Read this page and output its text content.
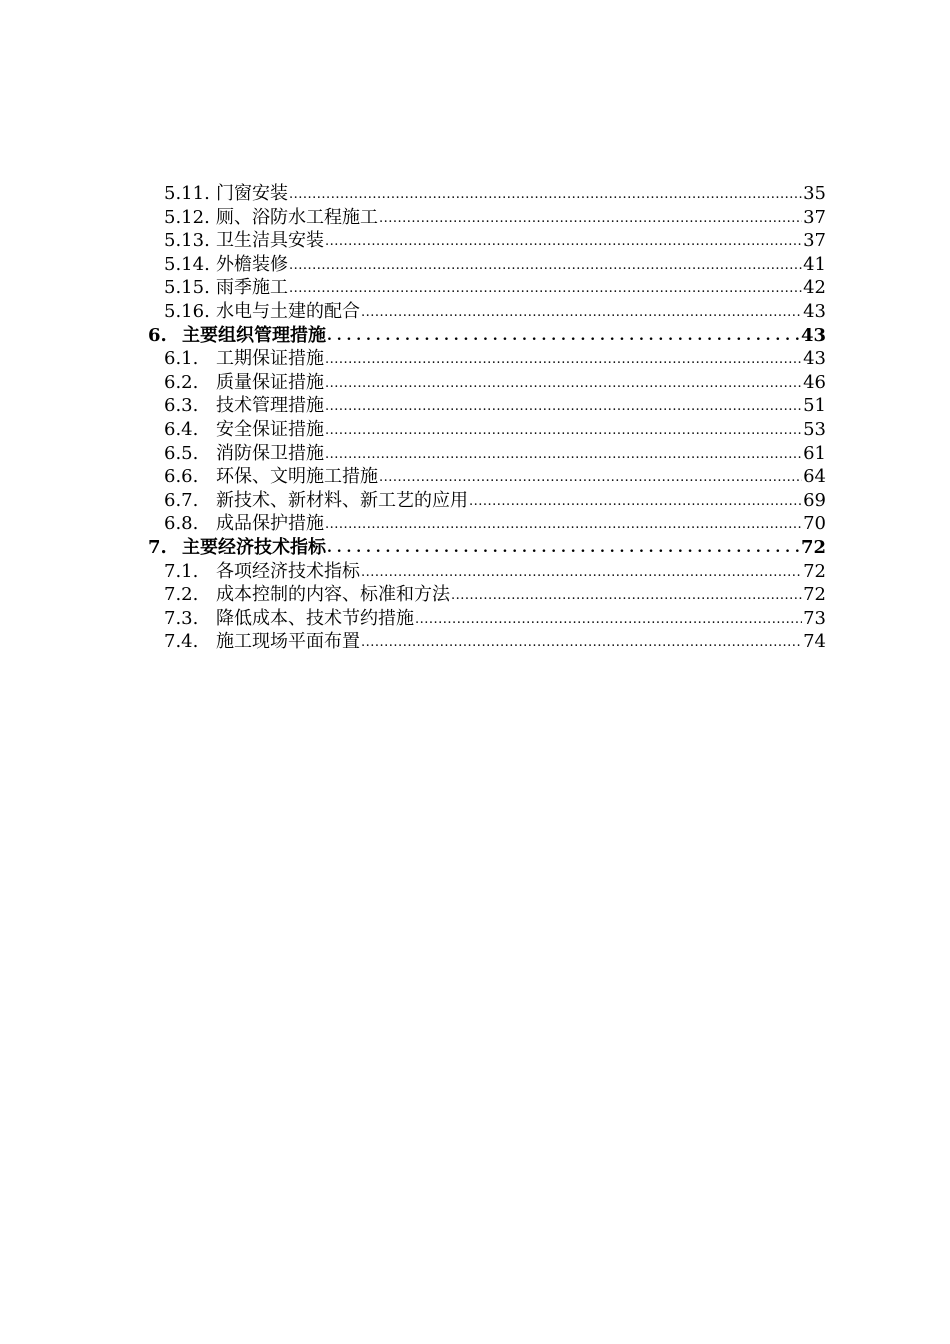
5.11. 门窗安装 .....	35
5.12. 厕、浴防水工程施工 .....	37
5.13. 卫生洁具安装 .....	37
5.14. 外檐装修 .....	41
5.15. 雨季施工 .....	42
5.16. 水电与土建的配合 .....	43
6. 主要组织管理措施 . . .	43
6.1. 工期保证措施 .....	43
6.2. 质量保证措施 .....	46
6.3. 技术管理措施 .....	51
6.4. 安全保证措施 .....	53
6.5. 消防保卫措施 .....	61
6.6. 环保、文明施工措施 .....	64
6.7. 新技术、新材料、新工艺的应用 .....	69
6.8. 成品保护措施 .....	70
7. 主要经济技术指标 . . .	72
7.1. 各项经济技术指标 .....	72
7.2. 成本控制的内容、标准和方法 .....	72
7.3. 降低成本、技术节约措施 .....	73
7.4. 施工现场平面布置 .....	74
